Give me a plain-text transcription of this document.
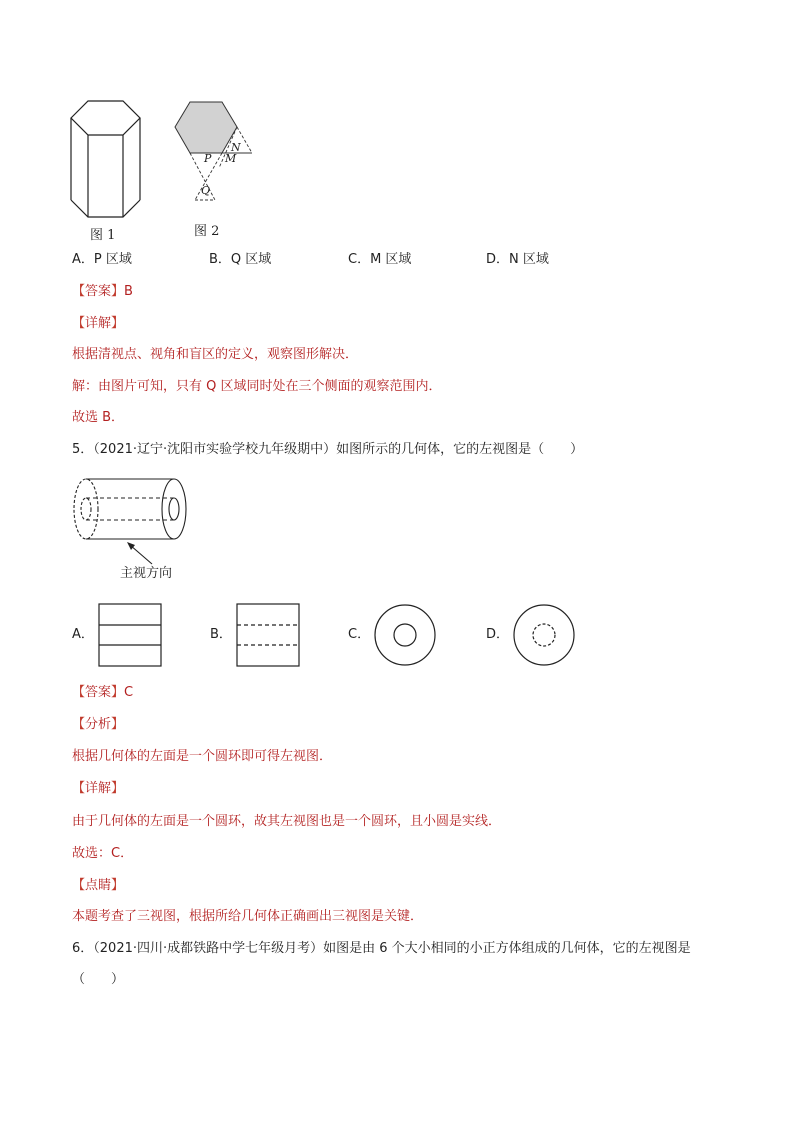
图 1
P M
N
Q
图 2
A．P 区域	B．Q 区域	C．M 区域	D．N 区域
【答案】B
【详解】
根据清视点、视角和盲区的定义，观察图形解决．
解：由图片可知，只有 Q 区域同时处在三个侧面的观察范围内．
故选 B．
5．（2021·辽宁·沈阳市实验学校九年级期中）如图所示的几何体，它的左视图是（　　）
主视方向
A．	B．	C．	D．
【答案】C
【分析】
根据几何体的左面是一个圆环即可得左视图．
【详解】
由于几何体的左面是一个圆环，故其左视图也是一个圆环，且小圆是实线．
故选：C．
【点睛】
本题考查了三视图，根据所给几何体正确画出三视图是关键．
6．（2021·四川·成都铁路中学七年级月考）如图是由 6 个大小相同的小正方体组成的几何体，它的左视图是
（　　）
